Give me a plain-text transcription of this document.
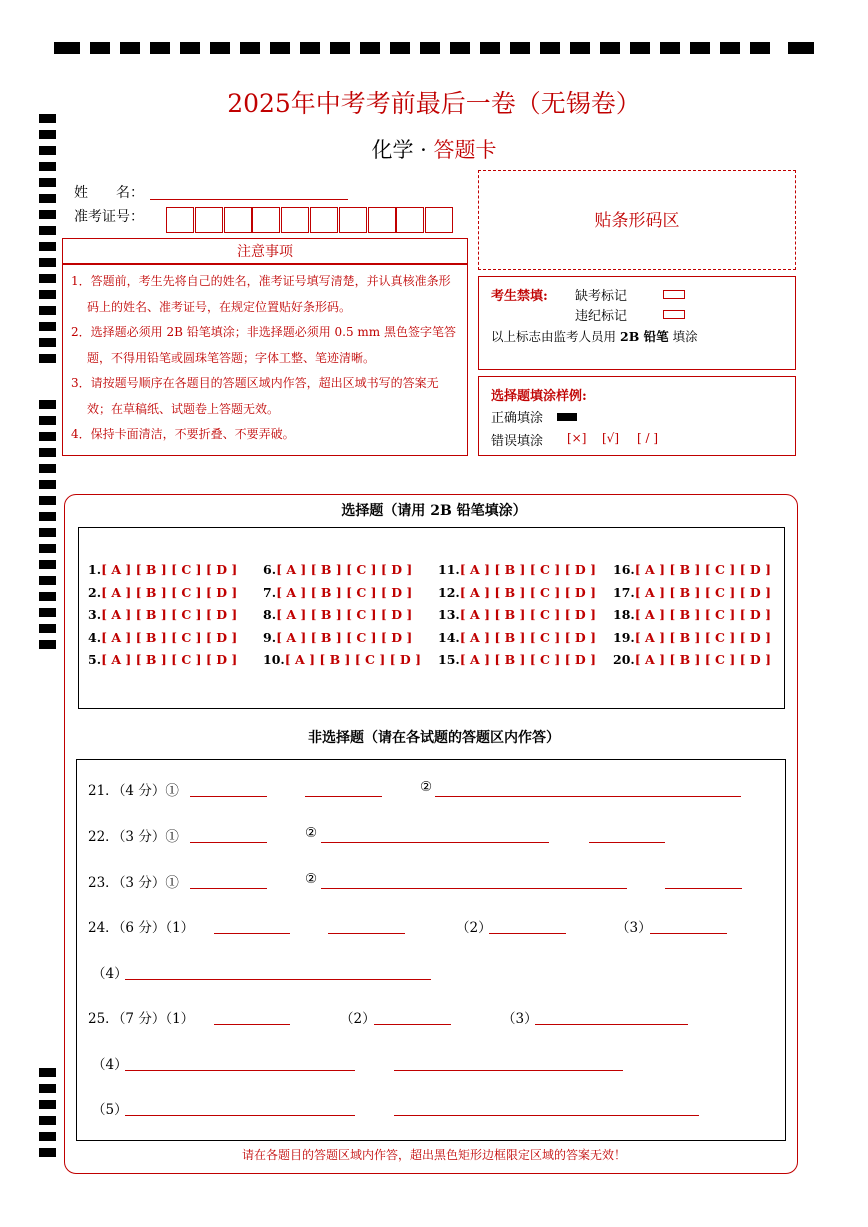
2025年中考考前最后一卷（无锡卷）
化学 · 答题卡
姓　　名：
准考证号：	贴条形码区
注意事项

1．答题前，考生先将自己的姓名，准考证号填写清楚，并认真核准条形码上的姓名、准考证号，在规定位置贴好条形码。

2．选择题必须用 2B 铅笔填涂；非选择题必须用 0.5 mm 黑色签字笔答题，不得用铅笔或圆珠笔答题；字体工整、笔迹清晰。

3．请按题号顺序在各题目的答题区域内作答，超出区域书写的答案无效；在草稿纸、试题卷上答题无效。

4．保持卡面清洁，不要折叠、不要弄破。

考生禁填: 缺考标记
违纪标记
以上标志由监考人员用 2B 铅笔 填涂
选择题填涂样例:
正确填涂
错误填涂 [×] [√] [ / ]
选择题（请用 2B 铅笔填涂）
1.[ A ] [ B ] [ C ] [ D ]	6.[ A ] [ B ] [ C ] [ D ]	11.[ A ] [ B ] [ C ] [ D ]	16.[ A ] [ B ] [ C ] [ D ]
2.[ A ] [ B ] [ C ] [ D ]	7.[ A ] [ B ] [ C ] [ D ]	12.[ A ] [ B ] [ C ] [ D ]	17.[ A ] [ B ] [ C ] [ D ]
3.[ A ] [ B ] [ C ] [ D ]	8.[ A ] [ B ] [ C ] [ D ]	13.[ A ] [ B ] [ C ] [ D ]	18.[ A ] [ B ] [ C ] [ D ]
4.[ A ] [ B ] [ C ] [ D ]	9.[ A ] [ B ] [ C ] [ D ]	14.[ A ] [ B ] [ C ] [ D ]	19.[ A ] [ B ] [ C ] [ D ]
5.[ A ] [ B ] [ C ] [ D ]	10.[ A ] [ B ] [ C ] [ D ]	15.[ A ] [ B ] [ C ] [ D ]	20.[ A ] [ B ] [ C ] [ D ]
非选择题（请在各试题的答题区内作答）
21．（4 分）①	②
22．（3 分）①	②
23．（3 分）①	②
24．（6 分）（1）	（2）	（3）
（4）
25．（7 分）（1）	（2）	（3）
（4）
（5）
请在各题目的答题区域内作答，超出黑色矩形边框限定区域的答案无效！
